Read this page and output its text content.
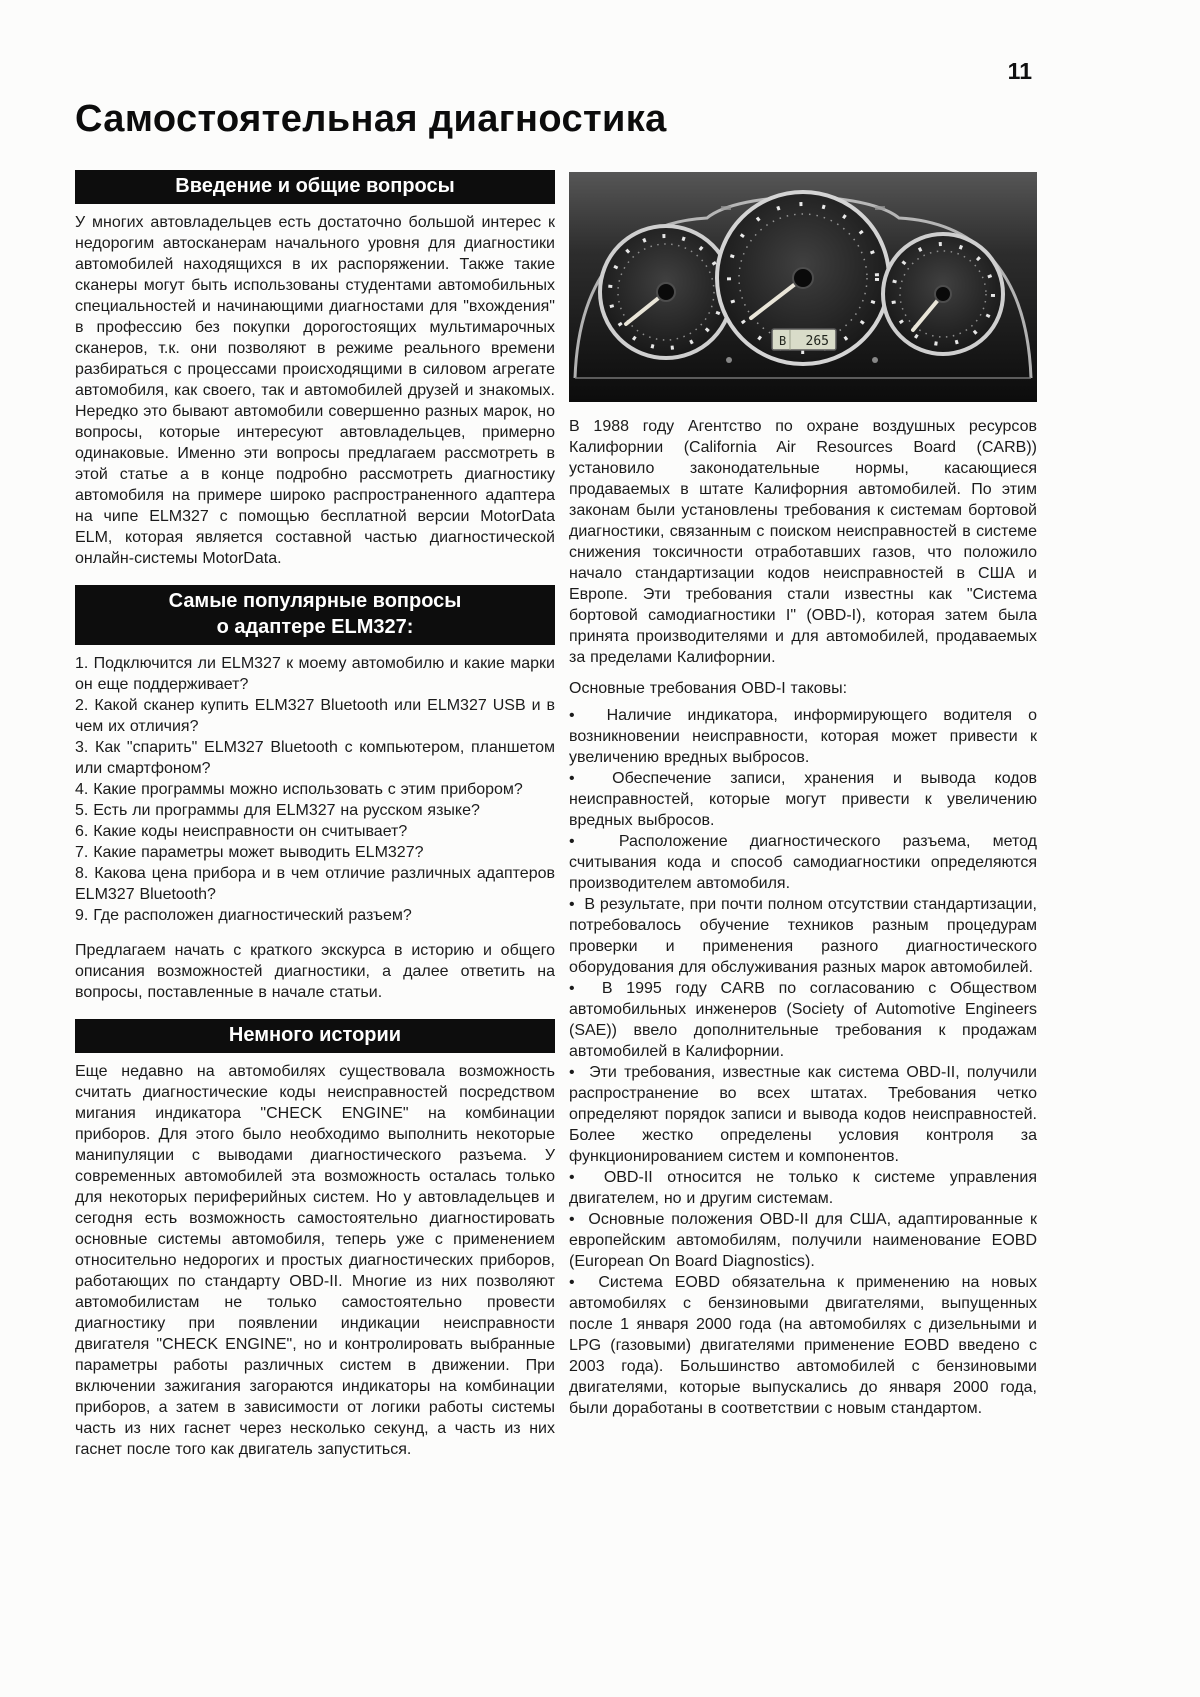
11
Самостоятельная диагностика
Введение и общие вопросы

У многих автовладельцев есть достаточно большой интерес к недорогим автосканерам начального уровня для диагностики автомобилей находящихся в их распоряжении. Также такие сканеры могут быть использованы студентами автомобильных специальностей и начинающими диагностами для "вхождения" в профессию без покупки дорогостоящих мультимарочных сканеров, т.к. они позволяют в режиме реального времени разбираться с процессами происходящими в силовом агрегате автомобиля, как своего, так и автомобилей друзей и знакомых. Нередко это бывают автомобили совершенно разных марок, но вопросы, которые интересуют автовладельцев, примерно одинаковые. Именно эти вопросы предлагаем рассмотреть в этой статье а в конце подробно рассмотреть диагностику автомобиля на примере широко распространенного адаптера на чипе ELM327 с помощью бесплатной версии MotorData ELM, которая является составной частью диагностической онлайн-системы MotorData.

Самые популярные вопросы
о адаптере ELM327:

1. Подключится ли ELM327 к моему автомобилю и какие марки он еще поддерживает?

2. Какой сканер купить ELM327 Bluetooth или ELM327 USB и в чем их отличия?

3. Как "спарить" ELM327 Bluetooth с компьютером, планшетом или смартфоном?

4. Какие программы можно использовать с этим прибором?

5. Есть ли программы для ELM327 на русском языке?

6. Какие коды неисправности он считывает?

7. Какие параметры может выводить ELM327?

8. Какова цена прибора и в чем отличие различных адаптеров ELM327 Bluetooth?

9. Где расположен диагностический разъем?

Предлагаем начать с краткого экскурса в историю и общего описания возможностей диагностики, а далее ответить на вопросы, поставленные в начале статьи.

Немного истории

Еще недавно на автомобилях существовала возможность считать диагностические коды неисправностей посредством мигания индикатора "CHECK ENGINE" на комбинации приборов. Для этого было необходимо выполнить некоторые манипуляции с выводами диагностического разъема. У современных автомобилей эта возможность осталась только для некоторых периферийных систем. Но у автовладельцев и сегодня есть возможность самостоятельно диагностировать основные системы автомобиля, теперь уже с применением относительно недорогих и простых диагностических приборов, работающих по стандарту OBD-II. Многие из них позволяют автомобилистам не только самостоятельно провести диагностику при появлении индикации неисправности двигателя "CHECK ENGINE", но и контролировать выбранные параметры работы различных систем в движении. При включении зажигания загораются индикаторы на комбинации приборов, а затем в зависимости от логики работы системы часть из них гаснет через несколько секунд, а часть из них гаснет после того как двигатель запуститься.

B 265

В 1988 году Агентство по охране воздушных ресурсов Калифорнии (California Air Resources Board (CARB)) установило законодательные нормы, касающиеся продаваемых в штате Калифорния автомобилей. По этим законам были установлены требования к системам бортовой диагностики, связанным с поиском неисправностей в системе снижения токсичности отработавших газов, что положило начало стандартизации кодов неисправностей в США и Европе. Эти требования стали известны как "Система бортовой самодиагностики I" (OBD-I), которая затем была принята производителями и для автомобилей, продаваемых за пределами Калифорнии.

Основные требования OBD-I таковы:

•  Наличие индикатора, информирующего водителя о возникновении неисправности, которая может привести к увеличению вредных выбросов.

•  Обеспечение записи, хранения и вывода кодов неисправностей, которые могут привести к увеличению вредных выбросов.

•  Расположение диагностического разъема, метод считывания кода и способ самодиагностики определяются производителем автомобиля.

•  В результате, при почти полном отсутствии стандартизации, потребовалось обучение техников разным процедурам проверки и применения разного диагностического оборудования для обслуживания разных марок автомобилей.

•  В 1995 году CARB по согласованию с Обществом автомобильных инженеров (Society of Automotive Engineers (SAE)) ввело дополнительные требования к продажам автомобилей в Калифорнии.

•  Эти требования, известные как система OBD-II, получили распространение во всех штатах. Требования четко определяют порядок записи и вывода кодов неисправностей. Более жестко определены условия контроля за функционированием систем и компонентов.

•  OBD-II относится не только к системе управления двигателем, но и другим системам.

•  Основные положения OBD-II для США, адаптированные к европейским автомобилям, получили наименование EOBD (European On Board Diagnostics).

•  Система EOBD обязательна к применению на новых автомобилях с бензиновыми двигателями, выпущенных после 1 января 2000 года (на автомобилях с дизельными и LPG (газовыми) двигателями применение EOBD введено с 2003 года). Большинство автомобилей с бензиновыми двигателями, которые выпускались до января 2000 года, были доработаны в соответствии с новым стандартом.
